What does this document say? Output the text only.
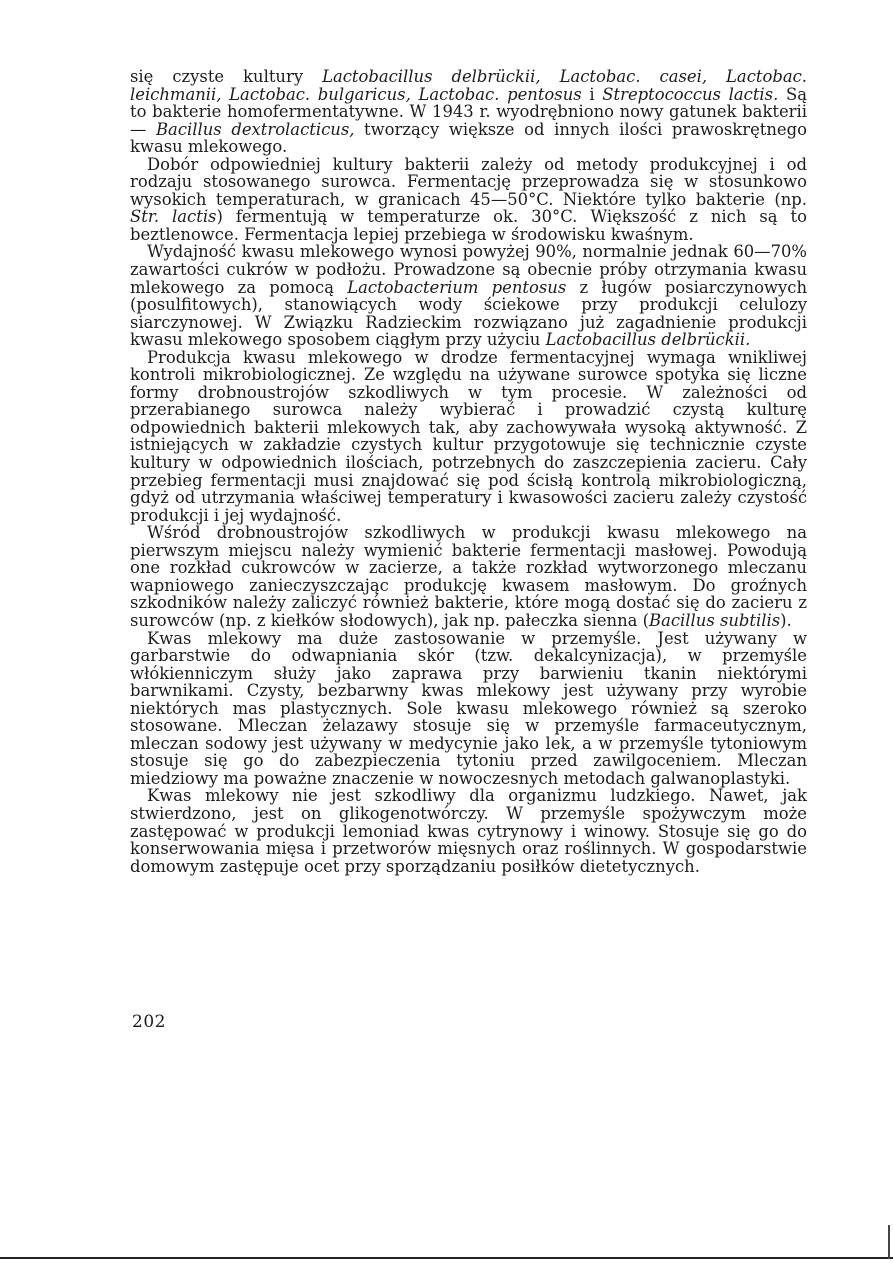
się czyste kultury Lactobacillus delbrückii, Lactobac. casei, Lactobac. leichmanii, Lactobac. bulgaricus, Lactobac. pentosus i Streptococcus lactis. Są to bakterie homofermentatywne. W 1943 r. wyodrębniono nowy gatunek bakterii — Bacillus dextrolacticus, tworzący większe od innych ilości prawoskrętnego kwasu mlekowego.

Dobór odpowiedniej kultury bakterii zależy od metody produkcyjnej i od rodzaju stosowanego surowca. Fermentację przeprowadza się w stosunkowo wysokich temperaturach, w granicach 45—50°C. Niektóre tylko bakterie (np. Str. lactis) fermentują w temperaturze ok. 30°C. Większość z nich są to beztlenowce. Fermentacja lepiej przebiega w środowisku kwaśnym.

Wydajność kwasu mlekowego wynosi powyżej 90%, normalnie jednak 60—70% zawartości cukrów w podłożu. Prowadzone są obecnie próby otrzymania kwasu mlekowego za pomocą Lactobacterium pentosus z ługów posiarczynowych (posulfitowych), stanowiących wody ściekowe przy produkcji celulozy siarczynowej. W Związku Radzieckim rozwiązano już zagadnienie produkcji kwasu mlekowego sposobem ciągłym przy użyciu Lactobacillus delbrückii.

Produkcja kwasu mlekowego w drodze fermentacyjnej wymaga wnikliwej kontroli mikrobiologicznej. Ze względu na używane surowce spotyka się liczne formy drobnoustrojów szkodliwych w tym procesie. W zależności od przerabianego surowca należy wybierać i prowadzić czystą kulturę odpowiednich bakterii mlekowych tak, aby zachowywała wysoką aktywność. Z istniejących w zakładzie czystych kultur przygotowuje się technicznie czyste kultury w odpowiednich ilościach, potrzebnych do zaszczepienia zacieru. Cały przebieg fermentacji musi znajdować się pod ścisłą kontrolą mikrobiologiczną, gdyż od utrzymania właściwej temperatury i kwasowości zacieru zależy czystość produkcji i jej wydajność.

Wśród drobnoustrojów szkodliwych w produkcji kwasu mlekowego na pierwszym miejscu należy wymienić bakterie fermentacji masłowej. Powodują one rozkład cukrowców w zacierze, a także rozkład wytworzonego mleczanu wapniowego zanieczyszczając produkcję kwasem masłowym. Do groźnych szkodników należy zaliczyć również bakterie, które mogą dostać się do zacieru z surowców (np. z kiełków słodowych), jak np. pałeczka sienna (Bacillus subtilis).

Kwas mlekowy ma duże zastosowanie w przemyśle. Jest używany w garbarstwie do odwapniania skór (tzw. dekalcynizacja), w przemyśle włókienniczym służy jako zaprawa przy barwieniu tkanin niektórymi barwnikami. Czysty, bezbarwny kwas mlekowy jest używany przy wyrobie niektórych mas plastycznych. Sole kwasu mlekowego również są szeroko stosowane. Mleczan żelazawy stosuje się w przemyśle farmaceutycznym, mleczan sodowy jest używany w medycynie jako lek, a w przemyśle tytoniowym stosuje się go do zabezpieczenia tytoniu przed zawilgoceniem. Mleczan miedziowy ma poważne znaczenie w nowoczesnych metodach galwanoplastyki.

Kwas mlekowy nie jest szkodliwy dla organizmu ludzkiego. Nawet, jak stwierdzono, jest on glikogenotwórczy. W przemyśle spożywczym może zastępować w produkcji lemoniad kwas cytrynowy i winowy. Stosuje się go do konserwowania mięsa i przetworów mięsnych oraz roślinnych. W gospodarstwie domowym zastępuje ocet przy sporządzaniu posiłków dietetycznych.

202
